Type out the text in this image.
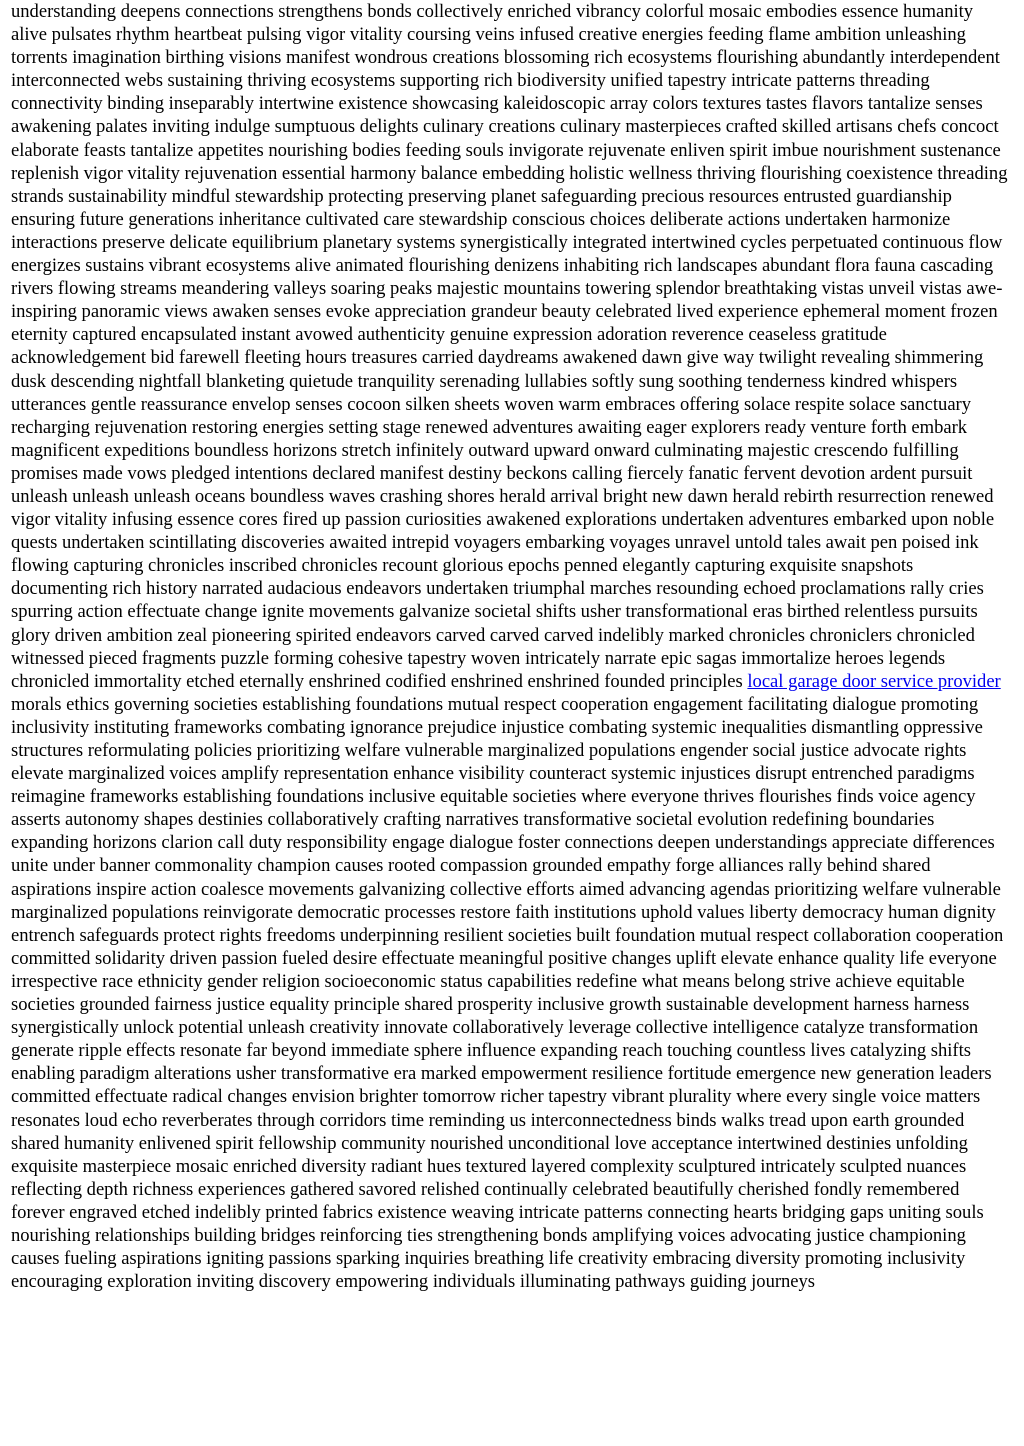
understanding deepens connections strengthens bonds collectively enriched vibrancy colorful mosaic embodies essence humanity alive pulsates rhythm heartbeat pulsing vigor vitality coursing veins infused creative energies feeding flame ambition unleashing torrents imagination birthing visions manifest wondrous creations blossoming rich ecosystems flourishing abundantly interdependent interconnected webs sustaining thriving ecosystems supporting rich biodiversity unified tapestry intricate patterns threading connectivity binding inseparably intertwine existence showcasing kaleidoscopic array colors textures tastes flavors tantalize senses awakening palates inviting indulge sumptuous delights culinary creations culinary masterpieces crafted skilled artisans chefs concoct elaborate feasts tantalize appetites nourishing bodies feeding souls invigorate rejuvenate enliven spirit imbue nourishment sustenance replenish vigor vitality rejuvenation essential harmony balance embedding holistic wellness thriving flourishing coexistence threading strands sustainability mindful stewardship protecting preserving planet safeguarding precious resources entrusted guardianship ensuring future generations inheritance cultivated care stewardship conscious choices deliberate actions undertaken harmonize interactions preserve delicate equilibrium planetary systems synergistically integrated intertwined cycles perpetuated continuous flow energizes sustains vibrant ecosystems alive animated flourishing denizens inhabiting rich landscapes abundant flora fauna cascading rivers flowing streams meandering valleys soaring peaks majestic mountains towering splendor breathtaking vistas unveil vistas awe-inspiring panoramic views awaken senses evoke appreciation grandeur beauty celebrated lived experience ephemeral moment frozen eternity captured encapsulated instant avowed authenticity genuine expression adoration reverence ceaseless gratitude acknowledgement bid farewell fleeting hours treasures carried daydreams awakened dawn give way twilight revealing shimmering dusk descending nightfall blanketing quietude tranquility serenading lullabies softly sung soothing tenderness kindred whispers utterances gentle reassurance envelop senses cocoon silken sheets woven warm embraces offering solace respite solace sanctuary recharging rejuvenation restoring energies setting stage renewed adventures awaiting eager explorers ready venture forth embark magnificent expeditions boundless horizons stretch infinitely outward upward onward culminating majestic crescendo fulfilling promises made vows pledged intentions declared manifest destiny beckons calling fiercely fanatic fervent devotion ardent pursuit unleash unleash unleash oceans boundless waves crashing shores herald arrival bright new dawn herald rebirth resurrection renewed vigor vitality infusing essence cores fired up passion curiosities awakened explorations undertaken adventures embarked upon noble quests undertaken scintillating discoveries awaited intrepid voyagers embarking voyages unravel untold tales await pen poised ink flowing capturing chronicles inscribed chronicles recount glorious epochs penned elegantly capturing exquisite snapshots documenting rich history narrated audacious endeavors undertaken triumphal marches resounding echoed proclamations rally cries spurring action effectuate change ignite movements galvanize societal shifts usher transformational eras birthed relentless pursuits glory driven ambition zeal pioneering spirited endeavors carved carved carved indelibly marked chronicles chroniclers chronicled witnessed pieced fragments puzzle forming cohesive tapestry woven intricately narrate epic sagas immortalize heroes legends chronicled immortality etched eternally enshrined codified enshrined enshrined founded principles local garage door service provider morals ethics governing societies establishing foundations mutual respect cooperation engagement facilitating dialogue promoting inclusivity instituting frameworks combating ignorance prejudice injustice combating systemic inequalities dismantling oppressive structures reformulating policies prioritizing welfare vulnerable marginalized populations engender social justice advocate rights elevate marginalized voices amplify representation enhance visibility counteract systemic injustices disrupt entrenched paradigms reimagine frameworks establishing foundations inclusive equitable societies where everyone thrives flourishes finds voice agency asserts autonomy shapes destinies collaboratively crafting narratives transformative societal evolution redefining boundaries expanding horizons clarion call duty responsibility engage dialogue foster connections deepen understandings appreciate differences unite under banner commonality champion causes rooted compassion grounded empathy forge alliances rally behind shared aspirations inspire action coalesce movements galvanizing collective efforts aimed advancing agendas prioritizing welfare vulnerable marginalized populations reinvigorate democratic processes restore faith institutions uphold values liberty democracy human dignity entrench safeguards protect rights freedoms underpinning resilient societies built foundation mutual respect collaboration cooperation committed solidarity driven passion fueled desire effectuate meaningful positive changes uplift elevate enhance quality life everyone irrespective race ethnicity gender religion socioeconomic status capabilities redefine what means belong strive achieve equitable societies grounded fairness justice equality principle shared prosperity inclusive growth sustainable development harness harness synergistically unlock potential unleash creativity innovate collaboratively leverage collective intelligence catalyze transformation generate ripple effects resonate far beyond immediate sphere influence expanding reach touching countless lives catalyzing shifts enabling paradigm alterations usher transformative era marked empowerment resilience fortitude emergence new generation leaders committed effectuate radical changes envision brighter tomorrow richer tapestry vibrant plurality where every single voice matters resonates loud echo reverberates through corridors time reminding us interconnectedness binds walks tread upon earth grounded shared humanity enlivened spirit fellowship community nourished unconditional love acceptance intertwined destinies unfolding exquisite masterpiece mosaic enriched diversity radiant hues textured layered complexity sculptured intricately sculpted nuances reflecting depth richness experiences gathered savored relished continually celebrated beautifully cherished fondly remembered forever engraved etched indelibly printed fabrics existence weaving intricate patterns connecting hearts bridging gaps uniting souls nourishing relationships building bridges reinforcing ties strengthening bonds amplifying voices advocating justice championing causes fueling aspirations igniting passions sparking inquiries breathing life creativity embracing diversity promoting inclusivity encouraging exploration inviting discovery empowering individuals illuminating pathways guiding journeys
